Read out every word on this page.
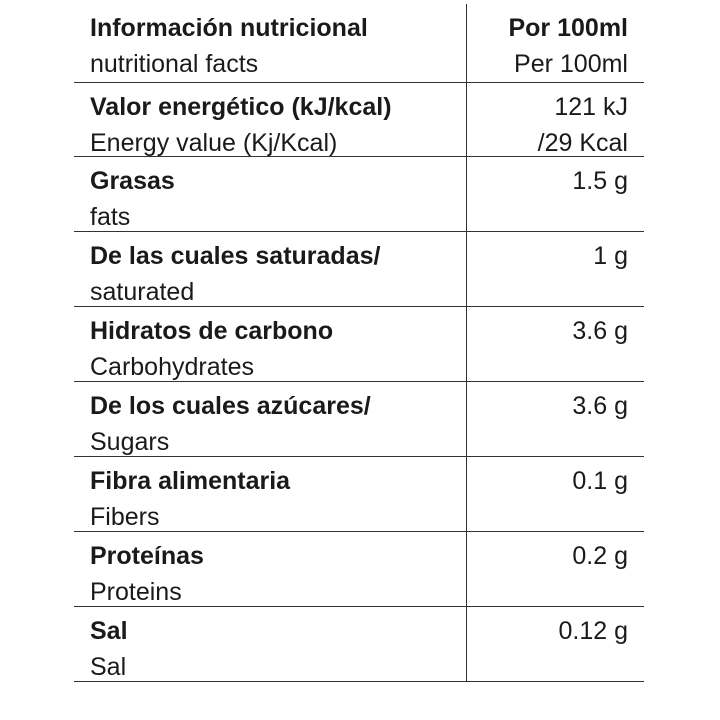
Información nutricional
nutritional facts
Por 100ml
Per 100ml
Valor energético (kJ/kcal)
Energy value (Kj/Kcal)
121 kJ
/29 Kcal
Grasas
fats
1.5 g
De las cuales saturadas/
saturated
1 g
Hidratos de carbono
Carbohydrates
3.6 g
De los cuales azúcares/
Sugars
3.6 g
Fibra alimentaria
Fibers
0.1 g
Proteínas
Proteins
0.2 g
Sal
Sal
0.12 g
